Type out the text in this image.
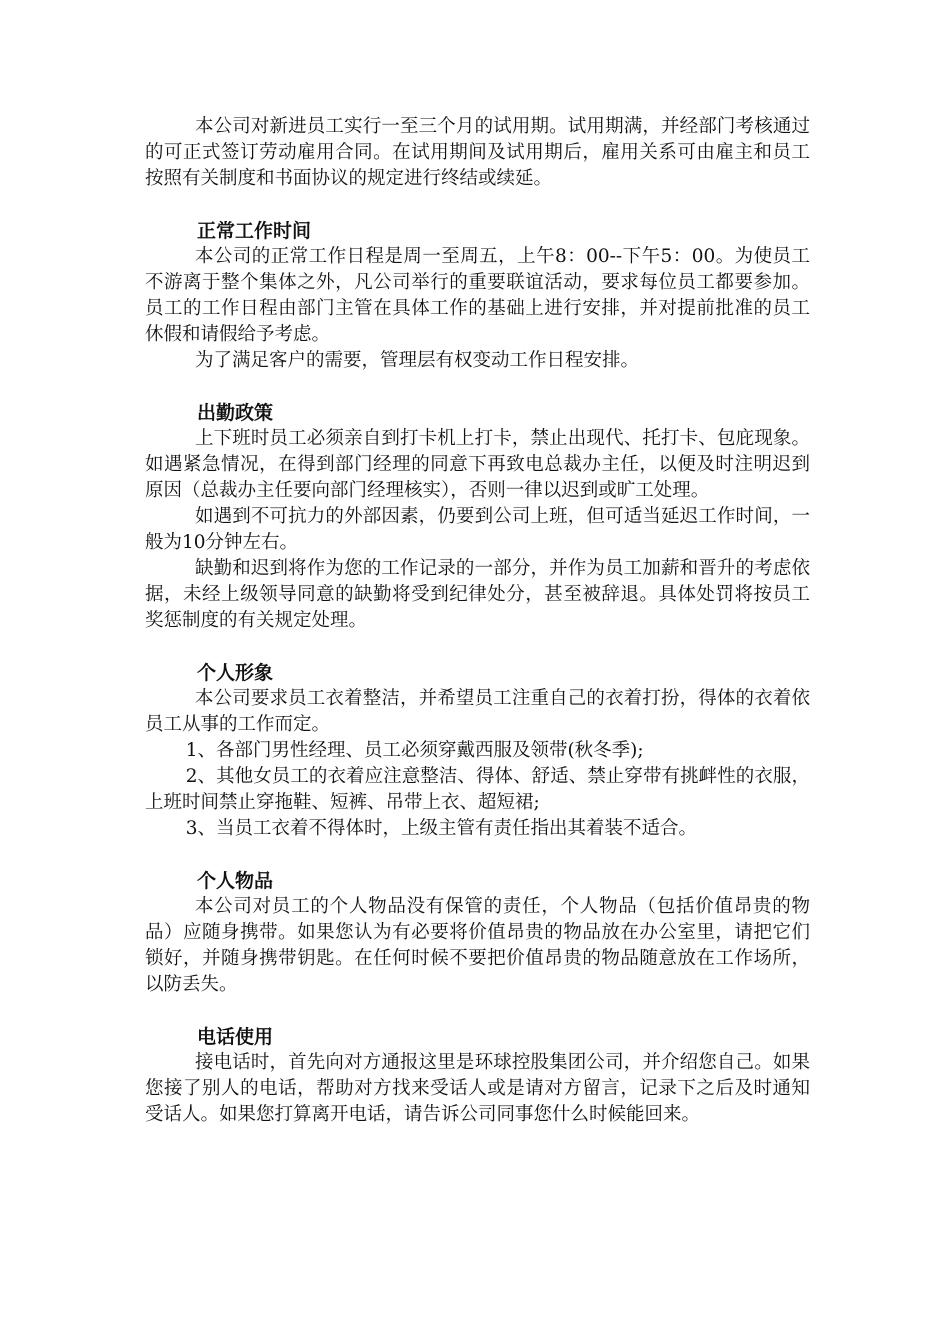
本公司对新进员工实行一至三个月的试用期。试用期满，并经部门考核通过的可正式签订劳动雇用合同。在试用期间及试用期后，雇用关系可由雇主和员工按照有关制度和书面协议的规定进行终结或续延。

正常工作时间

本公司的正常工作日程是周一至周五，上午8：00--下午5：00。为使员工不游离于整个集体之外，凡公司举行的重要联谊活动，要求每位员工都要参加。员工的工作日程由部门主管在具体工作的基础上进行安排，并对提前批准的员工休假和请假给予考虑。

为了满足客户的需要，管理层有权变动工作日程安排。

出勤政策

上下班时员工必须亲自到打卡机上打卡，禁止出现代、托打卡、包庇现象。如遇紧急情况，在得到部门经理的同意下再致电总裁办主任，以便及时注明迟到原因（总裁办主任要向部门经理核实），否则一律以迟到或旷工处理。

如遇到不可抗力的外部因素，仍要到公司上班，但可适当延迟工作时间，一般为10分钟左右。

缺勤和迟到将作为您的工作记录的一部分，并作为员工加薪和晋升的考虑依据，未经上级领导同意的缺勤将受到纪律处分，甚至被辞退。具体处罚将按员工奖惩制度的有关规定处理。

个人形象

本公司要求员工衣着整洁，并希望员工注重自己的衣着打扮，得体的衣着依员工从事的工作而定。

1、各部门男性经理、员工必须穿戴西服及领带(秋冬季);

2、其他女员工的衣着应注意整洁、得体、舒适、禁止穿带有挑衅性的衣服，上班时间禁止穿拖鞋、短裤、吊带上衣、超短裙;

3、当员工衣着不得体时，上级主管有责任指出其着装不适合。

个人物品

本公司对员工的个人物品没有保管的责任，个人物品（包括价值昂贵的物品）应随身携带。如果您认为有必要将价值昂贵的物品放在办公室里，请把它们锁好，并随身携带钥匙。在任何时候不要把价值昂贵的物品随意放在工作场所，以防丢失。

电话使用

接电话时，首先向对方通报这里是环球控股集团公司，并介绍您自己。如果您接了别人的电话，帮助对方找来受话人或是请对方留言，记录下之后及时通知受话人。如果您打算离开电话，请告诉公司同事您什么时候能回来。
